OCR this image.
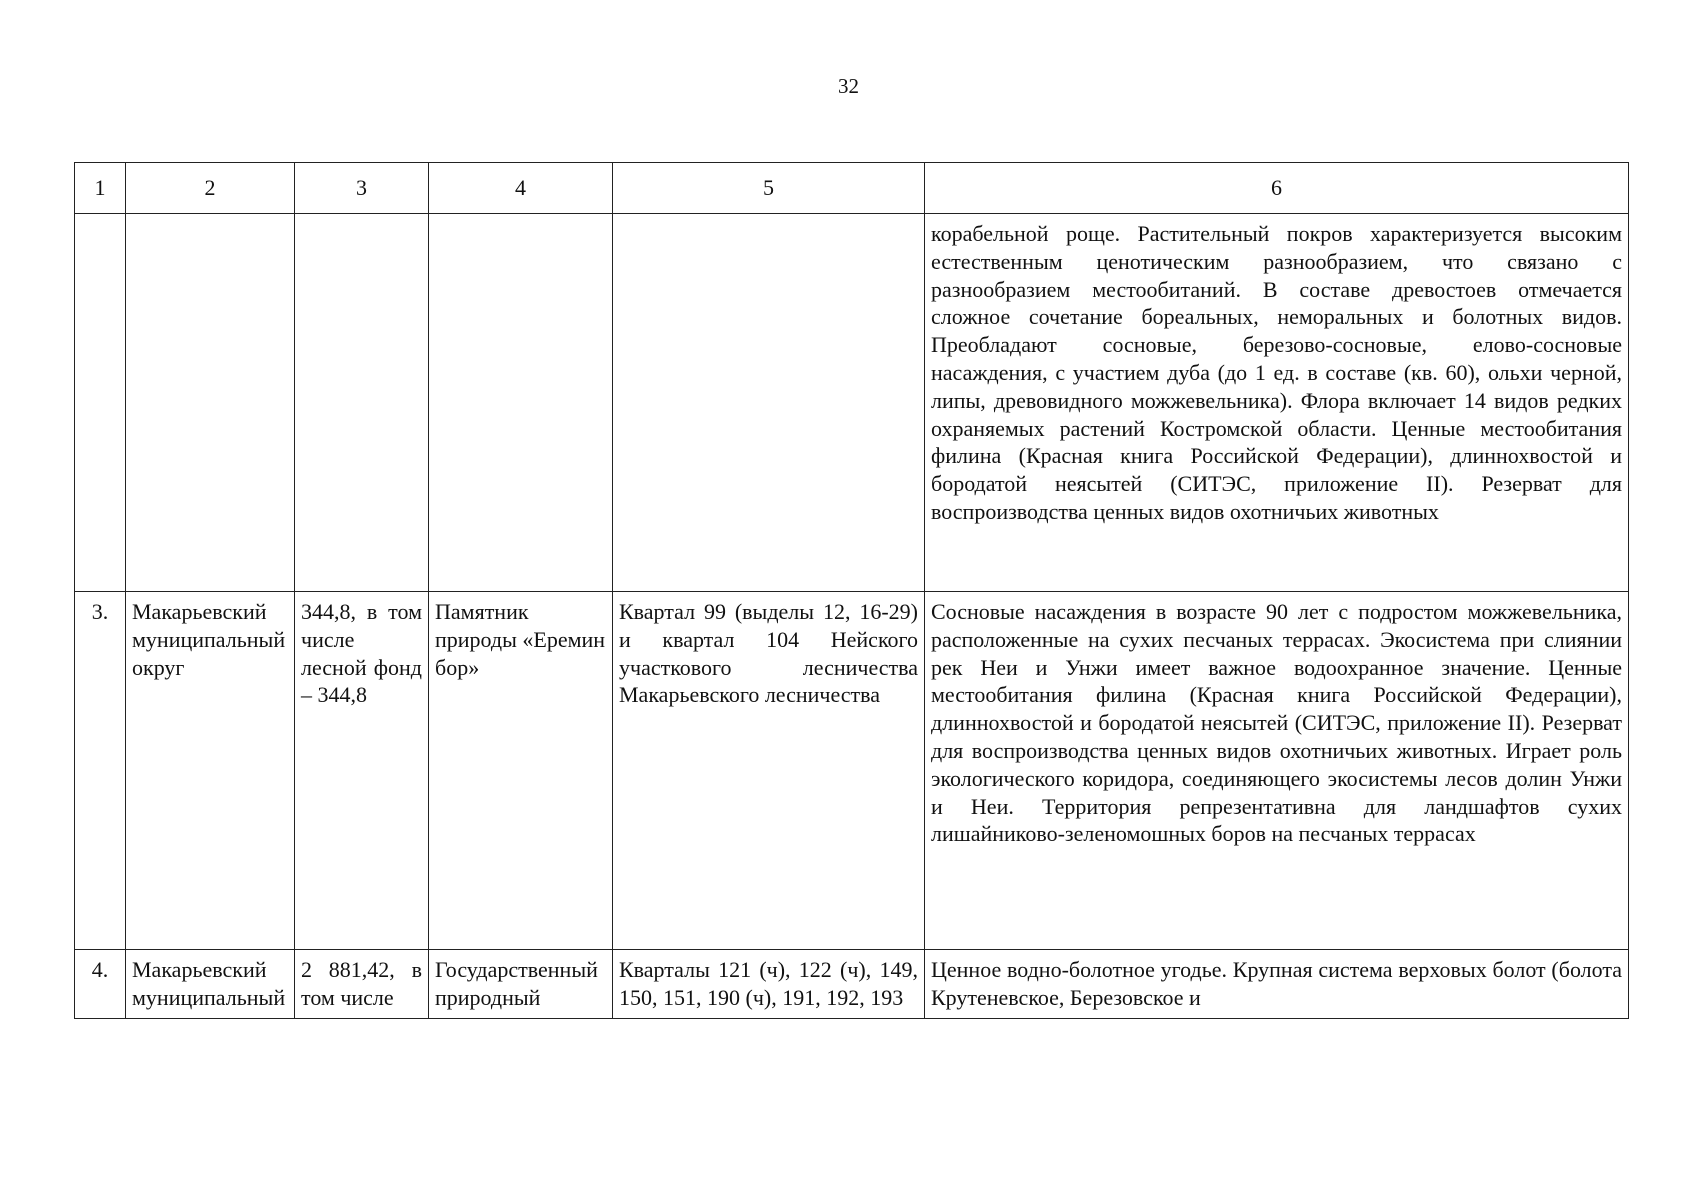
32
1	2	3	4	5	6
					корабельной роще. Растительный покров характеризуется высоким естественным ценотическим разнообразием, что связано с разнообразием местообитаний. В составе древостоев отмечается сложное сочетание бореальных, неморальных и болотных видов. Преобладают сосновые, березово-сосновые, елово-сосновые насаждения, с участием дуба (до 1 ед. в составе (кв. 60), ольхи черной, липы, древовидного можжевельника). Флора включает 14 видов редких охраняемых растений Костромской области. Ценные местообитания филина (Красная книга Российской Федерации), длиннохвостой и бородатой неясытей (СИТЭС, приложение II). Резерват для воспроизводства ценных видов охотничьих животных
3.	Макарьевский муниципальный округ	344,8, в том числе лесной фонд – 344,8	Памятник природы «Еремин бор»	Квартал 99 (выделы 12, 16-29) и квартал 104 Нейского участкового лесничества Макарьевского лесничества	Сосновые насаждения в возрасте 90 лет с подростом можжевельника, расположенные на сухих песчаных террасах. Экосистема при слиянии рек Неи и Унжи имеет важное водоохранное значение. Ценные местообитания филина (Красная книга Российской Федерации), длиннохвостой и бородатой неясытей (СИТЭС, приложение II). Резерват для воспроизводства ценных видов охотничьих животных. Играет роль экологического коридора, соединяющего экосистемы лесов долин Унжи и Неи. Территория репрезентативна для ландшафтов сухих лишайниково-зеленомошных боров на песчаных террасах
4.	Макарьевский муниципальный	2 881,42, в том числе	Государственный природный	Кварталы 121 (ч), 122 (ч), 149, 150, 151, 190 (ч), 191, 192, 193	Ценное водно-болотное угодье. Крупная система верховых болот (болота Крутеневское, Березовское и
